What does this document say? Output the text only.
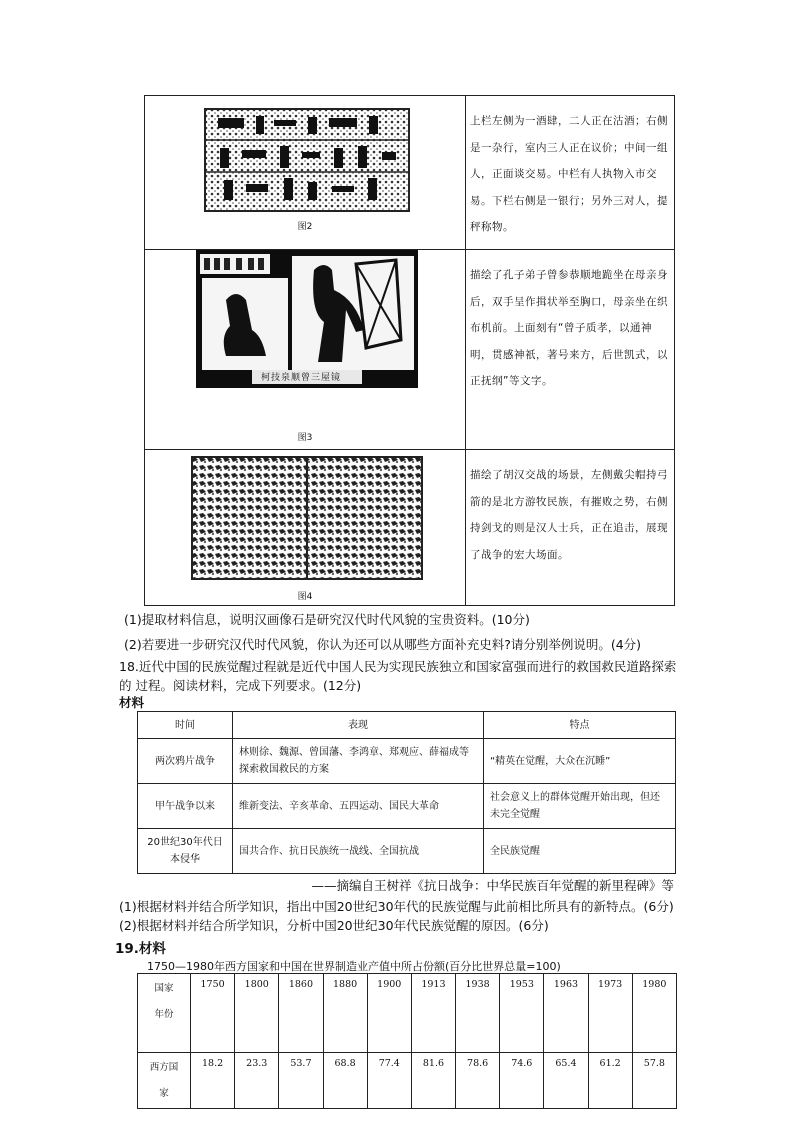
图2	上栏左侧为一酒肆，二人正在沽酒；右侧是一杂行，室内三人正在议价；中间一组人，正面谈交易。中栏有人执物入市交易。下栏右侧是一银行；另外三对人，提秤称物。

柯技泉顺曾三屋镜
图3	描绘了孔子弟子曾参恭顺地跪坐在母亲身后，双手呈作揖状举至胸口，母亲坐在织布机前。上面刻有“曾子质孝，以通神明，贯感神祇，著号来方，后世凯式，以正抚纲”等文字。

图4	描绘了胡汉交战的场景，左侧戴尖帽持弓箭的是北方游牧民族，有摧败之势，右侧持剑戈的则是汉人士兵，正在追击，展现了战争的宏大场面。
(1)提取材料信息，说明汉画像石是研究汉代时代风貌的宝贵资料。(10分)
(2)若要进一步研究汉代时代风貌，你认为还可以从哪些方面补充史料?请分别举例说明。(4分)
18.近代中国的民族觉醒过程就是近代中国人民为实现民族独立和国家富强而进行的救国救民道路探索
的 过程。阅读材料，完成下列要求。(12分)
材料
时间	表现	特点
两次鸦片战争	林则徐、魏源、曾国藩、李鸿章、郑观应、薛福成等探索救国救民的方案	“精英在觉醒，大众在沉睡”
甲午战争以来	维新变法、辛亥革命、五四运动、国民大革命	社会意义上的群体觉醒开始出现，但还未完全觉醒
20世纪30年代日本侵华	国共合作、抗日民族统一战线、全国抗战	全民族觉醒
——摘编自王树祥《抗日战争：中华民族百年觉醒的新里程碑》等
(1)根据材料并结合所学知识，指出中国20世纪30年代的民族觉醒与此前相比所具有的新特点。(6分)
(2)根据材料并结合所学知识，分析中国20世纪30年代民族觉醒的原因。(6分)
19.材料
1750—1980年西方国家和中国在世界制造业产值中所占份额(百分比世界总量=100)
国家
年份	1750	1800	1860	1880	1900	1913	1938	1953	1963	1973	1980

西方国
家	18.2	23.3	53.7	68.8	77.4	81.6	78.6	74.6	65.4	61.2	57.8
